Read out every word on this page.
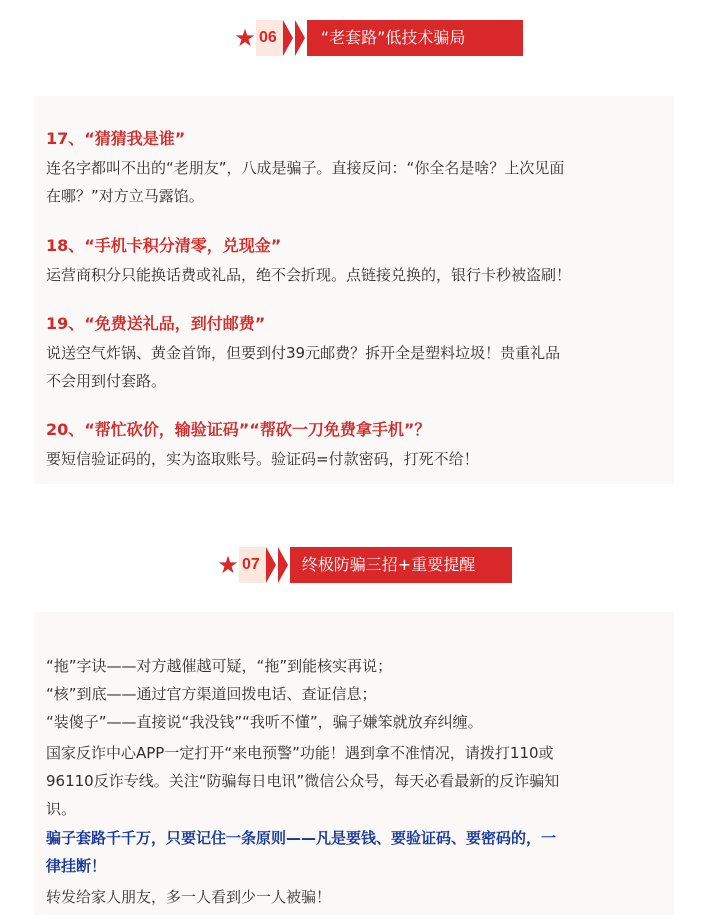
★ 06	“老套路”低技术骗局
17、“猜猜我是谁”
连名字都叫不出的“老朋友”，八成是骗子。直接反问：“你全名是啥？上次见面
在哪？”对方立马露馅。
18、“手机卡积分清零，兑现金”
运营商积分只能换话费或礼品，绝不会折现。点链接兑换的，银行卡秒被盗刷！
19、“免费送礼品，到付邮费”
说送空气炸锅、黄金首饰，但要到付39元邮费？拆开全是塑料垃圾！贵重礼品
不会用到付套路。
20、“帮忙砍价，输验证码”“帮砍一刀免费拿手机”？
要短信验证码的，实为盗取账号。验证码=付款密码，打死不给！
★ 07	终极防骗三招+重要提醒
“拖”字诀——对方越催越可疑，“拖”到能核实再说；
“核”到底——通过官方渠道回拨电话、查证信息；
“装傻子”——直接说“我没钱”“我听不懂”，骗子嫌笨就放弃纠缠。
国家反诈中心APP一定打开“来电预警”功能！遇到拿不准情况，请拨打110或
96110反诈专线。关注“防骗每日电讯”微信公众号，每天必看最新的反诈骗知
识。
骗子套路千千万，只要记住一条原则——凡是要钱、要验证码、要密码的，一
律挂断！
转发给家人朋友，多一人看到少一人被骗！
